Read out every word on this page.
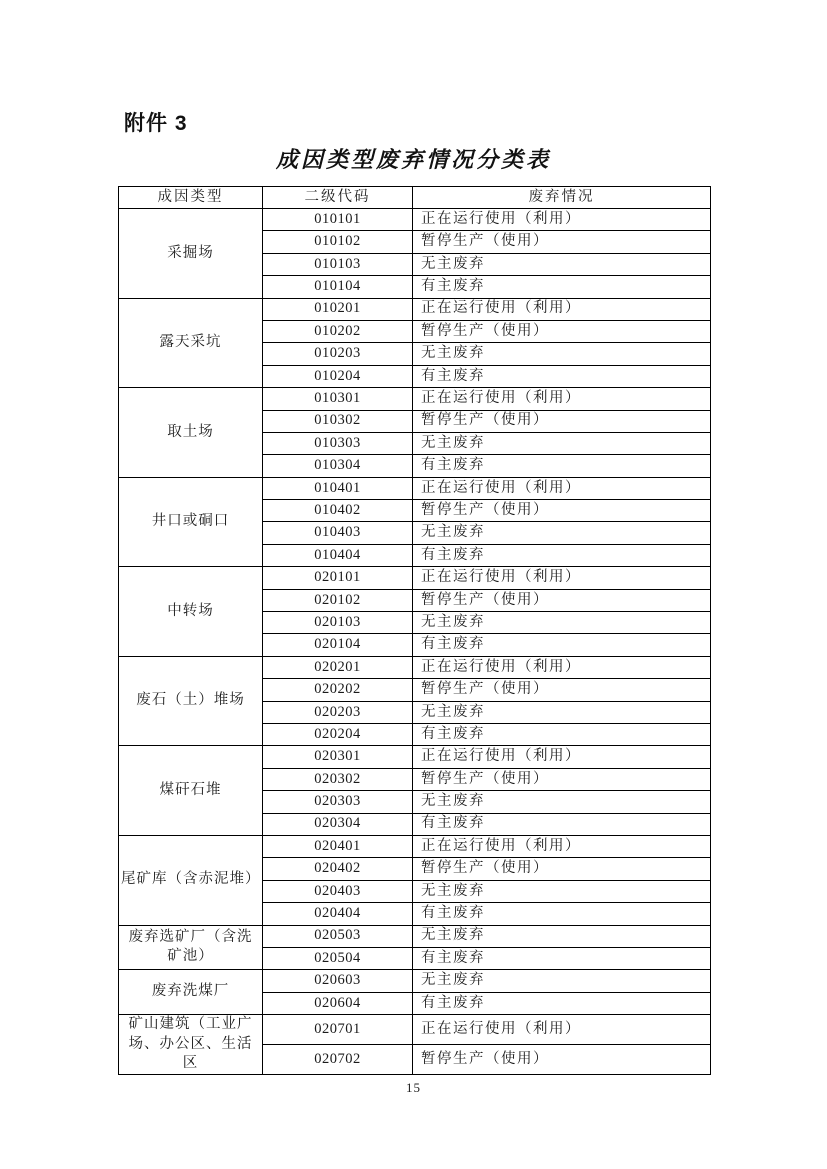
附件 3
成因类型废弃情况分类表
成因类型	二级代码	废弃情况
采掘场	010101	正在运行使用（利用）
	010102	暂停生产（使用）
	010103	无主废弃
	010104	有主废弃
露天采坑	010201	正在运行使用（利用）
	010202	暂停生产（使用）
	010203	无主废弃
	010204	有主废弃
取土场	010301	正在运行使用（利用）
	010302	暂停生产（使用）
	010303	无主废弃
	010304	有主废弃
井口或硐口	010401	正在运行使用（利用）
	010402	暂停生产（使用）
	010403	无主废弃
	010404	有主废弃
中转场	020101	正在运行使用（利用）
	020102	暂停生产（使用）
	020103	无主废弃
	020104	有主废弃
废石（土）堆场	020201	正在运行使用（利用）
	020202	暂停生产（使用）
	020203	无主废弃
	020204	有主废弃
煤矸石堆	020301	正在运行使用（利用）
	020302	暂停生产（使用）
	020303	无主废弃
	020304	有主废弃
尾矿库（含赤泥堆）	020401	正在运行使用（利用）
	020402	暂停生产（使用）
	020403	无主废弃
	020404	有主废弃
废弃选矿厂（含洗矿池）	020503	无主废弃
	020504	有主废弃
废弃洗煤厂	020603	无主废弃
	020604	有主废弃
矿山建筑（工业广场、办公区、生活区	020701	正在运行使用（利用）
	020702	暂停生产（使用）
15
